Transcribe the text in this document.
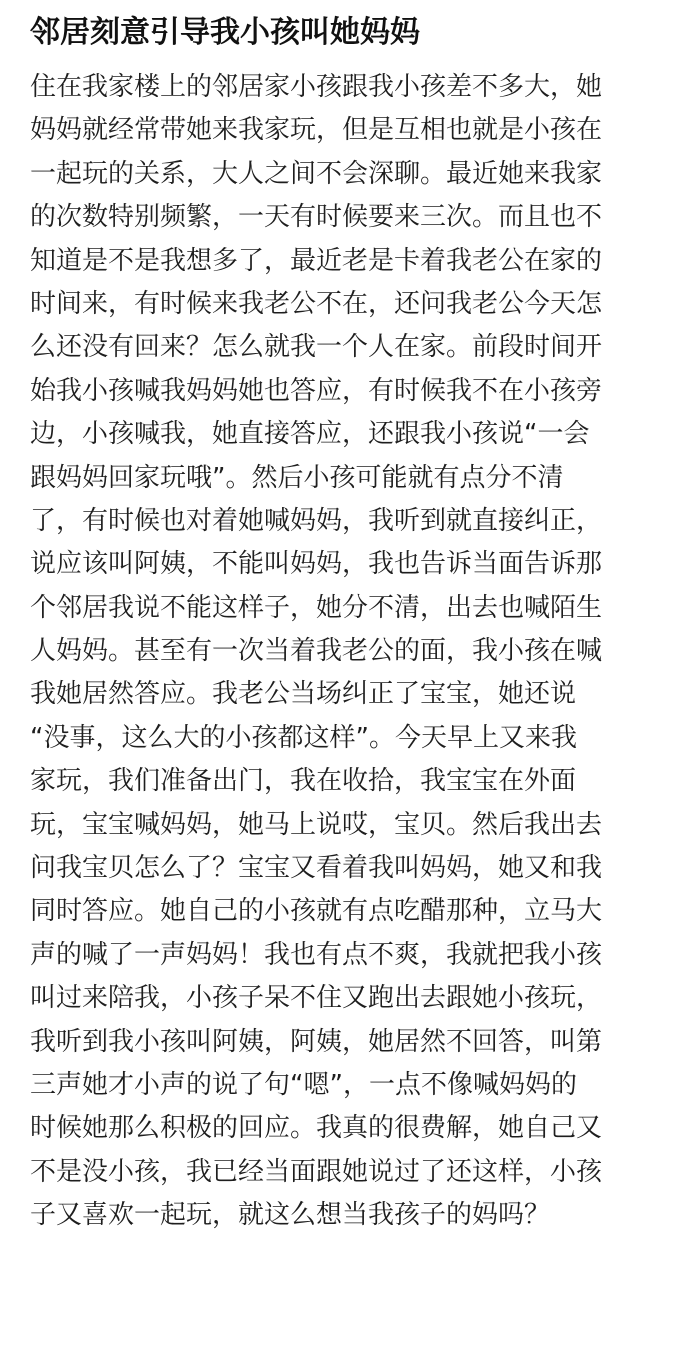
邻居刻意引导我小孩叫她妈妈
住在我家楼上的邻居家小孩跟我小孩差不多大，她
妈妈就经常带她来我家玩，但是互相也就是小孩在
一起玩的关系，大人之间不会深聊。最近她来我家
的次数特别频繁，一天有时候要来三次。而且也不
知道是不是我想多了，最近老是卡着我老公在家的
时间来，有时候来我老公不在，还问我老公今天怎
么还没有回来？怎么就我一个人在家。前段时间开
始我小孩喊我妈妈她也答应，有时候我不在小孩旁
边，小孩喊我，她直接答应，还跟我小孩说“一会
跟妈妈回家玩哦”。然后小孩可能就有点分不清
了，有时候也对着她喊妈妈，我听到就直接纠正，
说应该叫阿姨，不能叫妈妈，我也告诉当面告诉那
个邻居我说不能这样子，她分不清，出去也喊陌生
人妈妈。甚至有一次当着我老公的面，我小孩在喊
我她居然答应。我老公当场纠正了宝宝，她还说
“没事，这么大的小孩都这样”。今天早上又来我
家玩，我们准备出门，我在收拾，我宝宝在外面
玩，宝宝喊妈妈，她马上说哎，宝贝。然后我出去
问我宝贝怎么了？宝宝又看着我叫妈妈，她又和我
同时答应。她自己的小孩就有点吃醋那种，立马大
声的喊了一声妈妈！我也有点不爽，我就把我小孩
叫过来陪我，小孩子呆不住又跑出去跟她小孩玩，
我听到我小孩叫阿姨，阿姨，她居然不回答，叫第
三声她才小声的说了句“嗯”，一点不像喊妈妈的
时候她那么积极的回应。我真的很费解，她自己又
不是没小孩，我已经当面跟她说过了还这样，小孩
子又喜欢一起玩，就这么想当我孩子的妈吗？
